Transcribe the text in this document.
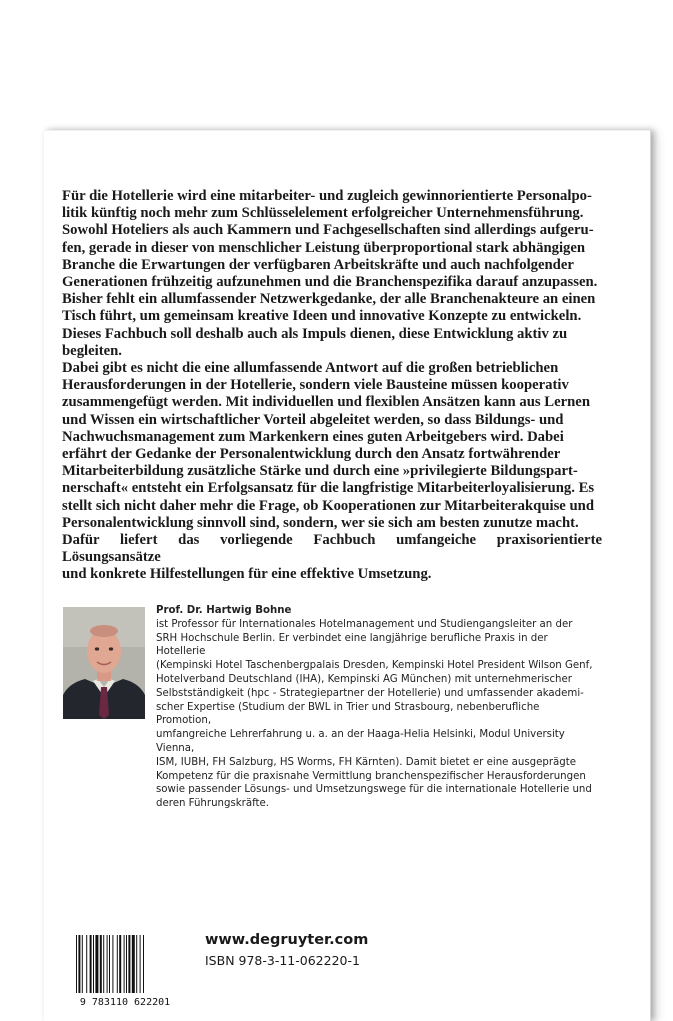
Für die Hotellerie wird eine mitarbeiter- und zugleich gewinnorientierte Personalpo-

litik künftig noch mehr zum Schlüsselelement erfolgreicher Unternehmensführung.

Sowohl Hoteliers als auch Kammern und Fachgesellschaften sind allerdings aufgeru-

fen, gerade in dieser von menschlicher Leistung überproportional stark abhängigen

Branche die Erwartungen der verfügbaren Arbeitskräfte und auch nachfolgender

Generationen frühzeitig aufzunehmen und die Branchenspezifika darauf anzupassen.

Bisher fehlt ein allumfassender Netzwerkgedanke, der alle Branchenakteure an einen

Tisch führt, um gemeinsam kreative Ideen und innovative Konzepte zu entwickeln.

Dieses Fachbuch soll deshalb auch als Impuls dienen, diese Entwicklung aktiv zu

begleiten.

Dabei gibt es nicht die eine allumfassende Antwort auf die großen betrieblichen

Herausforderungen in der Hotellerie, sondern viele Bausteine müssen kooperativ

zusammengefügt werden. Mit individuellen und flexiblen Ansätzen kann aus Lernen

und Wissen ein wirtschaftlicher Vorteil abgeleitet werden, so dass Bildungs- und

Nachwuchsmanagement zum Markenkern eines guten Arbeitgebers wird. Dabei

erfährt der Gedanke der Personalentwicklung durch den Ansatz fortwährender

Mitarbeiterbildung zusätzliche Stärke und durch eine »privilegierte Bildungspart-

nerschaft« entsteht ein Erfolgsansatz für die langfristige Mitarbeiterloyalisierung. Es

stellt sich nicht daher mehr die Frage, ob Kooperationen zur Mitarbeiterakquise und

Personalentwicklung sinnvoll sind, sondern, wer sie sich am besten zunutze macht.

Dafür liefert das vorliegende Fachbuch umfangeiche praxisorientierte Lösungsansätze

und konkrete Hilfestellungen für eine effektive Umsetzung.

Prof. Dr. Hartwig Bohne
ist Professor für Internationales Hotelmanagement und Studiengangsleiter an der
SRH Hochschule Berlin. Er verbindet eine langjährige berufliche Praxis in der Hotellerie
(Kempinski Hotel Taschenbergpalais Dresden, Kempinski Hotel President Wilson Genf,
Hotelverband Deutschland (IHA), Kempinski AG München) mit unternehmerischer
Selbstständigkeit (hpc - Strategiepartner der Hotellerie) und umfassender akademi-
scher Expertise (Studium der BWL in Trier und Strasbourg, nebenberufliche Promotion,
umfangreiche Lehrerfahrung u. a. an der Haaga-Helia Helsinki, Modul University Vienna,
ISM, IUBH, FH Salzburg, HS Worms, FH Kärnten). Damit bietet er eine ausgeprägte
Kompetenz für die praxisnahe Vermittlung branchenspezifischer Herausforderungen
sowie passender Lösungs- und Umsetzungswege für die internationale Hotellerie und
deren Führungskräfte.
9 783110 622201
www.degruyter.com
ISBN 978-3-11-062220-1
